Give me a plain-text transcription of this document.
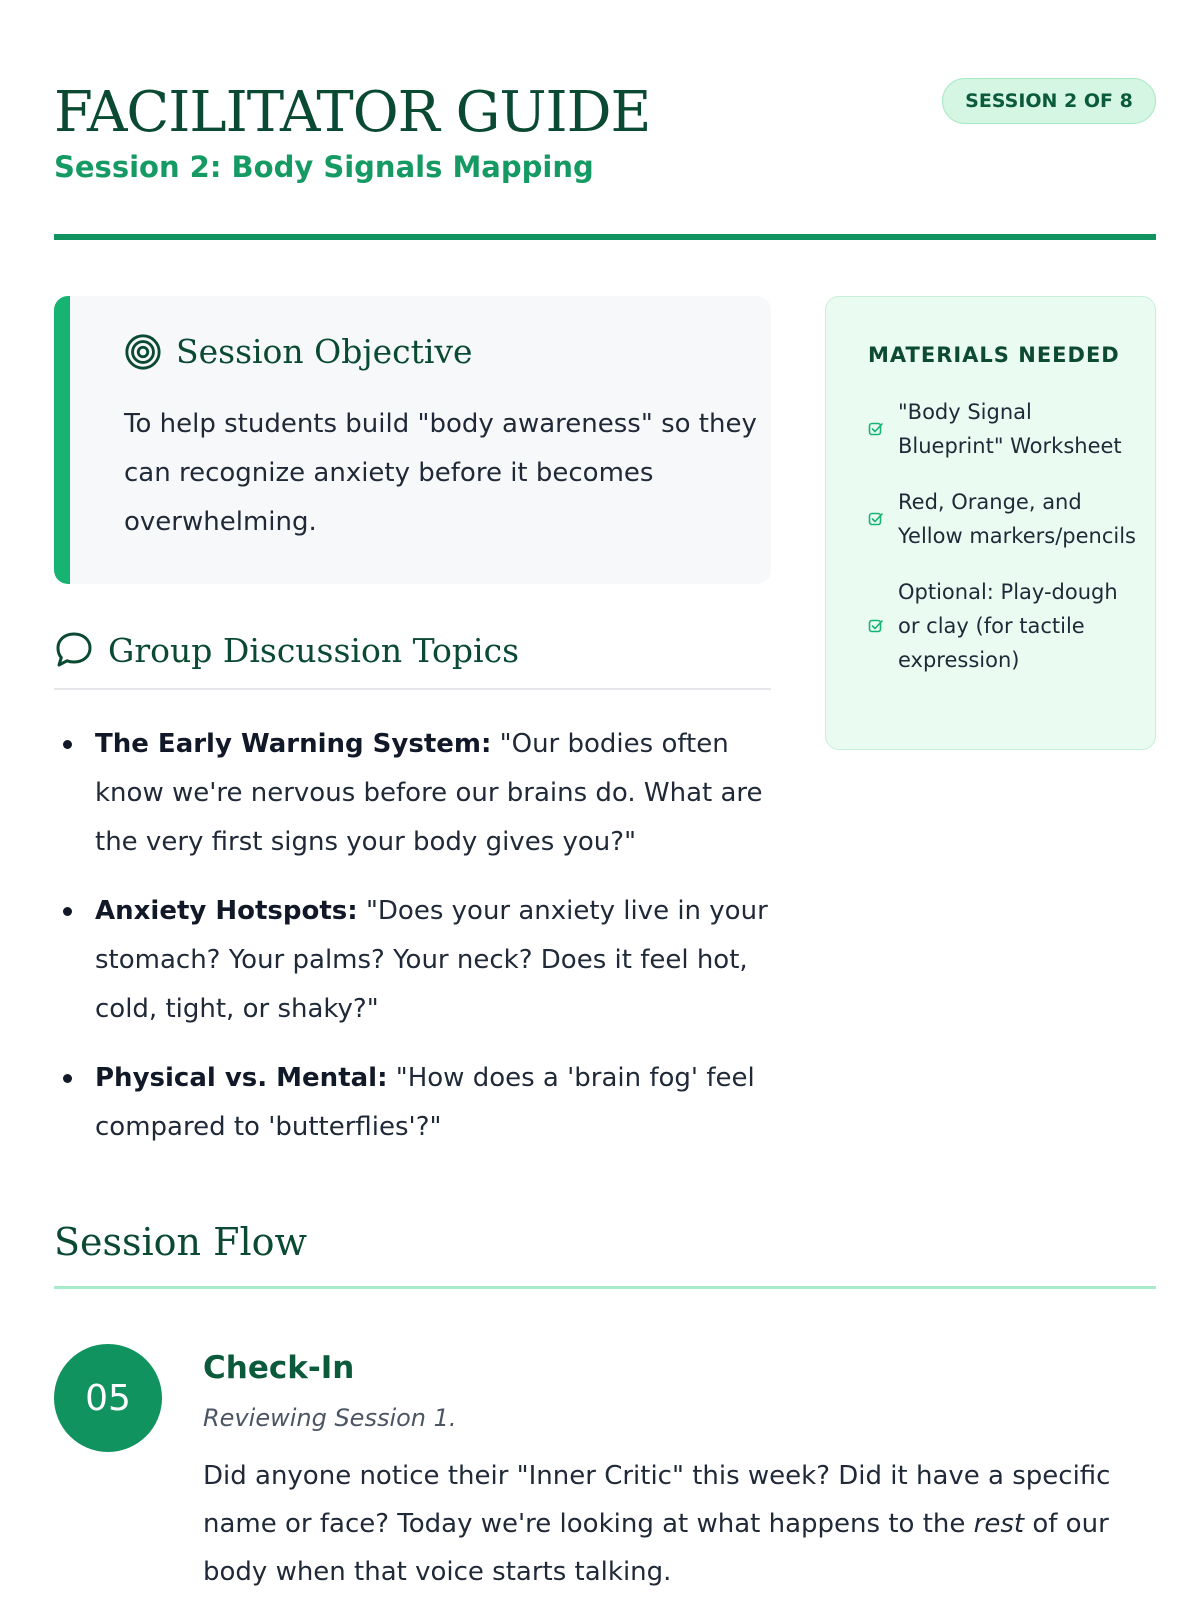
FACILITATOR GUIDE
Session 2: Body Signals Mapping
SESSION 2 OF 8
Session Objective
To help students build "body awareness" so they can recognize anxiety before it becomes overwhelming.
MATERIALS NEEDED
"Body Signal Blueprint" Worksheet
Red, Orange, and Yellow markers/pencils
Optional: Play-dough or clay (for tactile expression)
Group Discussion Topics
The Early Warning System: "Our bodies often know we're nervous before our brains do. What are the very first signs your body gives you?"
Anxiety Hotspots: "Does your anxiety live in your stomach? Your palms? Your neck? Does it feel hot, cold, tight, or shaky?"
Physical vs. Mental: "How does a 'brain fog' feel compared to 'butterflies'?"
Session Flow
05
Check-In
Reviewing Session 1.
Did anyone notice their "Inner Critic" this week? Did it have a specific name or face? Today we're looking at what happens to the rest of our body when that voice starts talking.
